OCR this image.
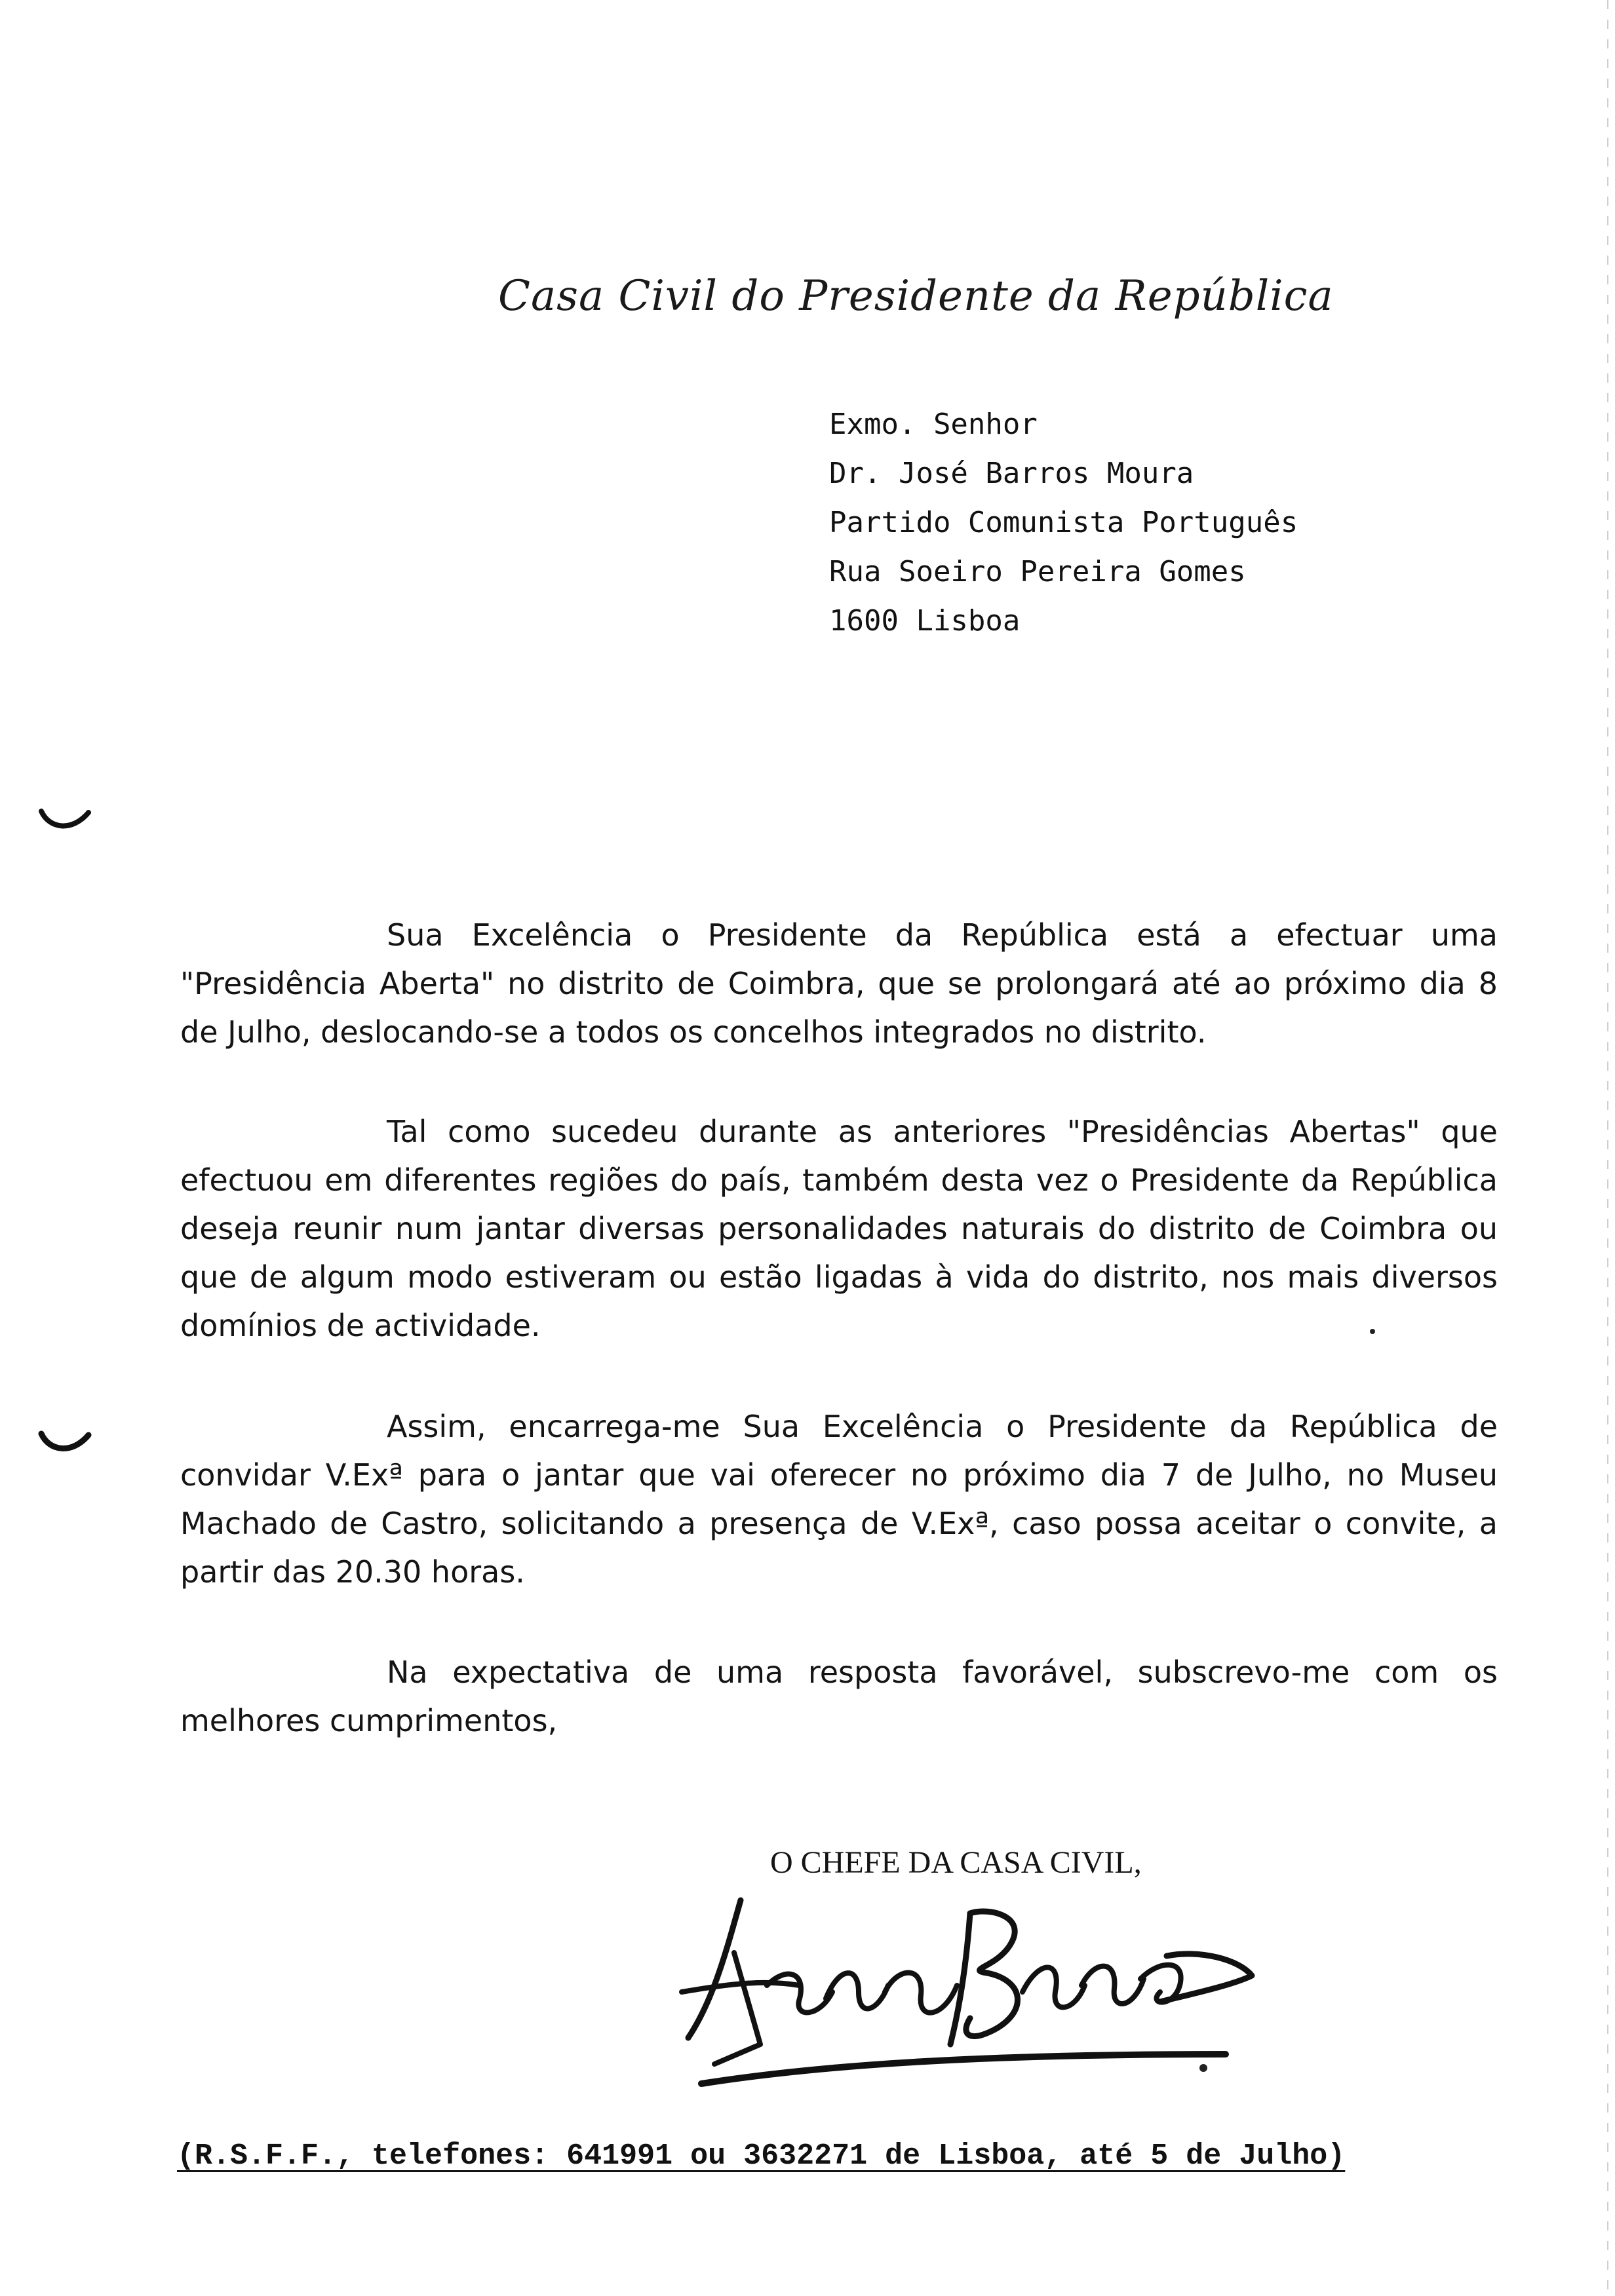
Casa Civil do Presidente da República
Exmo. Senhor
Dr. José Barros Moura
Partido Comunista Português
Rua Soeiro Pereira Gomes
1600 Lisboa

Sua Excelência o Presidente da República está a efectuar uma "Presidência Aberta" no distrito de Coimbra, que se prolongará até ao próximo dia 8 de Julho, deslocando-se a todos os concelhos integrados no distrito.

Tal como sucedeu durante as anteriores "Presidências Abertas" que efectuou em diferentes regiões do país, também desta vez o Presidente da República deseja reunir num jantar diversas personalidades naturais do distrito de Coimbra ou que de algum modo estiveram ou estão ligadas à vida do distrito, nos mais diversos domínios de actividade.

Assim, encarrega-me Sua Excelência o Presidente da República de convidar V.Exª para o jantar que vai oferecer no próximo dia 7 de Julho, no Museu Machado de Castro, solicitando a presença de V.Exª, caso possa aceitar o convite, a partir das 20.30 horas.

Na expectativa de uma resposta favorável, subscrevo-me com os melhores cumprimentos,

O CHEFE DA CASA CIVIL,
(R.S.F.F., telefones: 641991 ou 3632271 de Lisboa, até 5 de Julho)
